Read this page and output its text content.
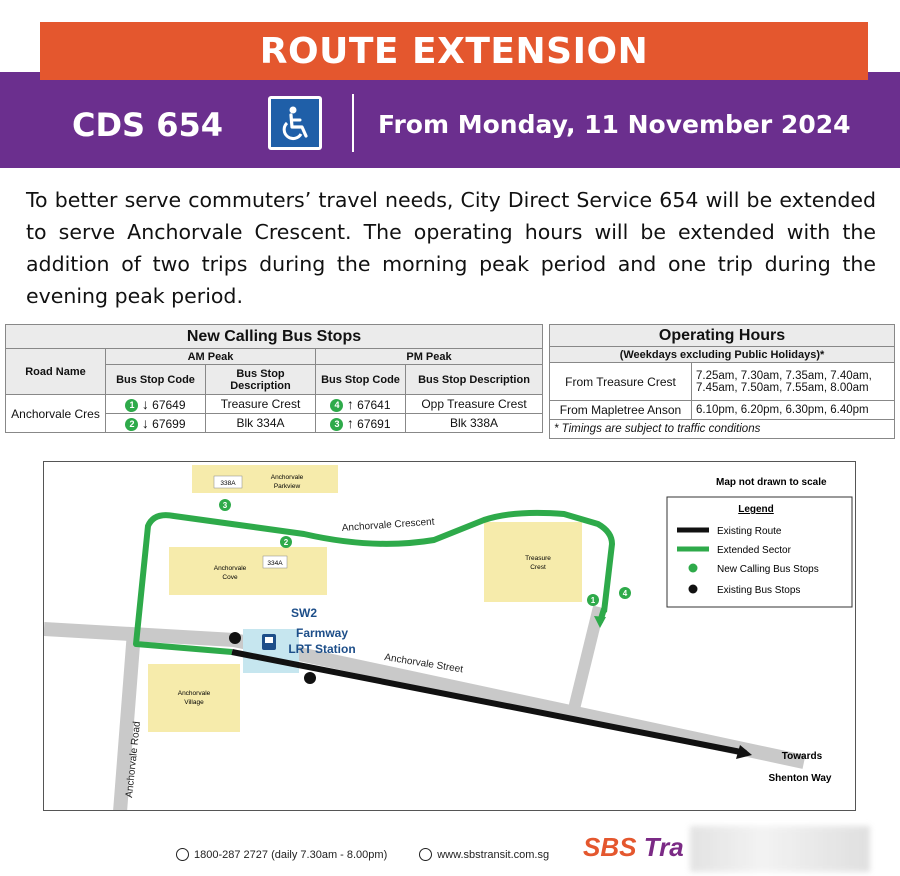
CDS 654	From Monday, 11 November 2024
ROUTE EXTENSION

To better serve commuters’ travel needs, City Direct Service 654 will be extended to serve Anchorvale Crescent. The operating hours will be extended with the addition of two trips during the morning peak period and one trip during the evening peak period.

New Calling Bus Stops				
Road Name	AM Peak		PM Peak	
	Bus Stop Code	Bus Stop Description	Bus Stop Code	Bus Stop Description
Anchorvale Cres	1 ↓ 67649	Treasure Crest	4 ↑ 67641	Opp Treasure Crest
	2 ↓ 67699	Blk 334A	3 ↑ 67691	Blk 338A
Operating Hours	
(Weekdays excluding Public Holidays)*	
From Treasure Crest	7.25am, 7.30am, 7.35am, 7.40am, 7.45am, 7.50am, 7.55am, 8.00am
From Mapletree Anson	6.10pm, 6.20pm, 6.30pm, 6.40pm
* Timings are subject to traffic conditions	
338A
Anchorvale
Parkview
334A
Anchorvale
Cove
Treasure
Crest
Anchorvale
Village
SW2
Farmway
LRT Station
3
2
1
4
Anchorvale Crescent
Anchorvale Street
Anchorvale Road
Map not drawn to scale
Legend
Existing Route
Extended Sector
New Calling Bus Stops
Existing Bus Stops
Towards
Shenton Way
1800-287 2727 (daily 7.30am - 8.00pm)	www.sbstransit.com.sg SBS Tra
